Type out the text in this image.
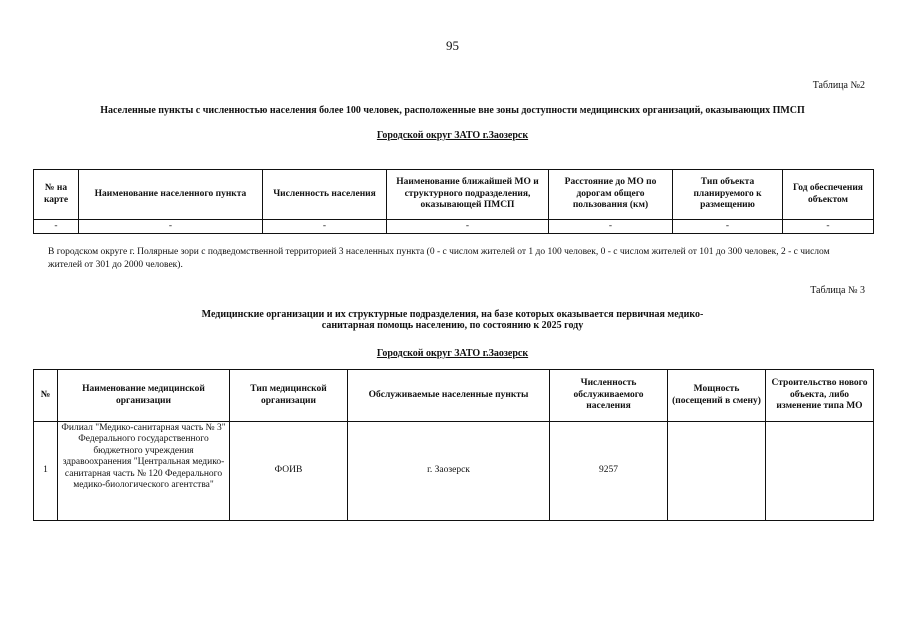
95
Таблица №2
Населенные пункты с численностью населения более 100 человек, расположенные вне зоны доступности медицинских организаций, оказывающих ПМСП
Городской округ ЗАТО г.Заозерск
№ на карте	Наименование населенного пункта	Численность населения	Наименование ближайшей МО и структурного подразделения, оказывающей ПМСП	Расстояние до МО по дорогам общего пользования (км)	Тип объекта планируемого к размещению	Год обеспечения объектом
-	-	-	-	-	-	-
В городском округе г. Полярные зори с подведомственной территорией 3 населенных пункта (0 - с числом жителей от 1 до 100 человек, 0 - с числом жителей от 101 до 300 человек, 2 - с числом жителей от 301 до 2000 человек).
Таблица № 3
Медицинские организации и их структурные подразделения, на базе которых оказывается первичная медико-
санитарная помощь населению, по состоянию к 2025 году
Городской округ ЗАТО г.Заозерск
№	Наименование медицинской организации	Тип медицинской организации	Обслуживаемые населенные пункты	Численность обслуживаемого населения	Мощность (посещений в смену)	Строительство нового объекта, либо изменение типа МО
1	Филиал "Медико-санитарная часть № 3" Федерального государственного бюджетного учреждения здравоохранения "Центральная медико-санитарная часть № 120 Федерального медико-биологического агентства"	ФОИВ	г. Заозерск	9257		
